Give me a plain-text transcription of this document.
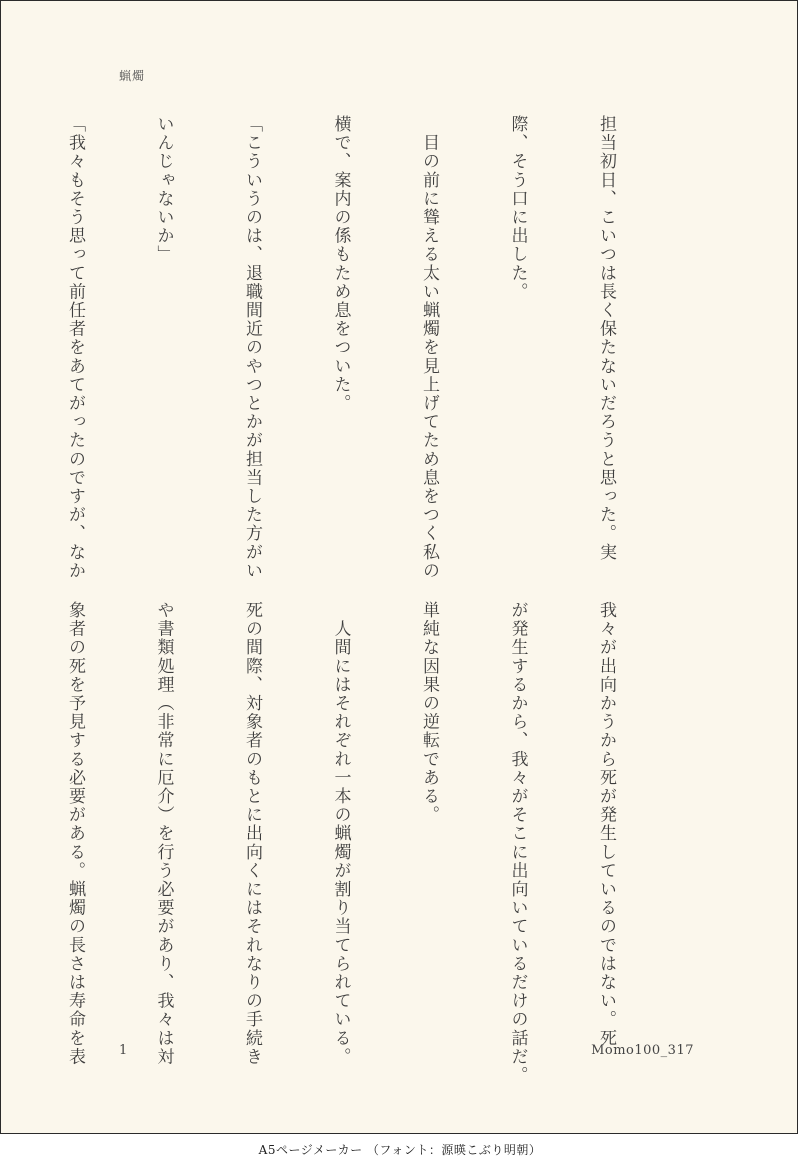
蝋燭

担当初日、こいつは長く保たないだろうと思った。実

際、そう口に出した。

　目の前に聳える太い蝋燭を見上げてため息をつく私の

横で、案内の係もため息をついた。

「こういうのは、退職間近のやつとかが担当した方がい

いんじゃないか」

「我々もそう思って前任者をあてがったのですが、なか

我々が出向かうから死が発生しているのではない。死

が発生するから、我々がそこに出向いているだけの話だ。

単純な因果の逆転である。

　人間にはそれぞれ一本の蝋燭が割り当てられている。

死の間際、対象者のもとに出向くにはそれなりの手続き

や書類処理（非常に厄介）を行う必要があり、我々は対

象者の死を予見する必要がある。蝋燭の長さは寿命を表

	1	Momo100_317
A5ページメーカー （フォント：源暎こぶり明朝）
